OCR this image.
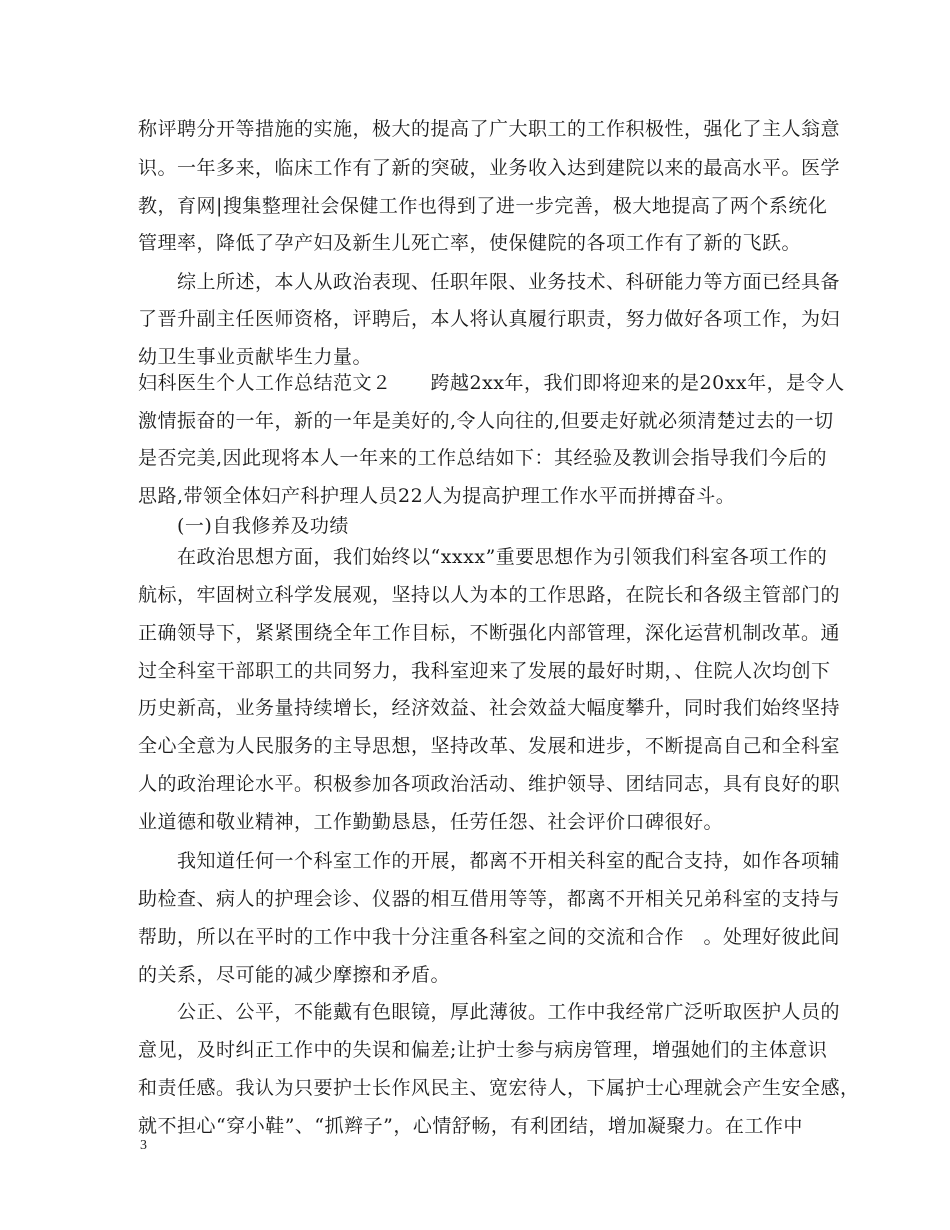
称评聘分开等措施的实施，极大的提高了广大职工的工作积极性，强化了主人翁意
识。一年多来，临床工作有了新的突破，业务收入达到建院以来的最高水平。医学
教，育网|搜集整理社会保健工作也得到了进一步完善，极大地提高了两个系统化
管理率，降低了孕产妇及新生儿死亡率，使保健院的各项工作有了新的飞跃。
　　综上所述，本人从政治表现、任职年限、业务技术、科研能力等方面已经具备
了晋升副主任医师资格，评聘后，本人将认真履行职责，努力做好各项工作，为妇
幼卫生事业贡献毕生力量。
妇科医生个人工作总结范文２　　跨越2xx年，我们即将迎来的是20xx年，是令人
激情振奋的一年，新的一年是美好的,令人向往的,但要走好就必须清楚过去的一切
是否完美,因此现将本人一年来的工作总结如下：其经验及教训会指导我们今后的
思路,带领全体妇产科护理人员22人为提高护理工作水平而拼搏奋斗。
　　(一)自我修养及功绩
　　在政治思想方面，我们始终以“xxxx”重要思想作为引领我们科室各项工作的
航标，牢固树立科学发展观，坚持以人为本的工作思路，在院长和各级主管部门的
正确领导下，紧紧围绕全年工作目标，不断强化内部管理，深化运营机制改革。通
过全科室干部职工的共同努力，我科室迎来了发展的最好时期，、住院人次均创下
历史新高，业务量持续增长，经济效益、社会效益大幅度攀升，同时我们始终坚持
全心全意为人民服务的主导思想，坚持改革、发展和进步，不断提高自己和全科室
人的政治理论水平。积极参加各项政治活动、维护领导、团结同志，具有良好的职
业道德和敬业精神，工作勤勤恳恳，任劳任怨、社会评价口碑很好。
　　我知道任何一个科室工作的开展，都离不开相关科室的配合支持，如作各项辅
助检查、病人的护理会诊、仪器的相互借用等等，都离不开相关兄弟科室的支持与
帮助，所以在平时的工作中我十分注重各科室之间的交流和合作　。处理好彼此间
的关系，尽可能的减少摩擦和矛盾。
　　公正、公平，不能戴有色眼镜，厚此薄彼。工作中我经常广泛听取医护人员的
意见，及时纠正工作中的失误和偏差;让护士参与病房管理，增强她们的主体意识
和责任感。我认为只要护士长作风民主、宽宏待人，下属护士心理就会产生安全感，
就不担心“穿小鞋”、“抓辫子”，心情舒畅，有利团结，增加凝聚力。在工作中
3
